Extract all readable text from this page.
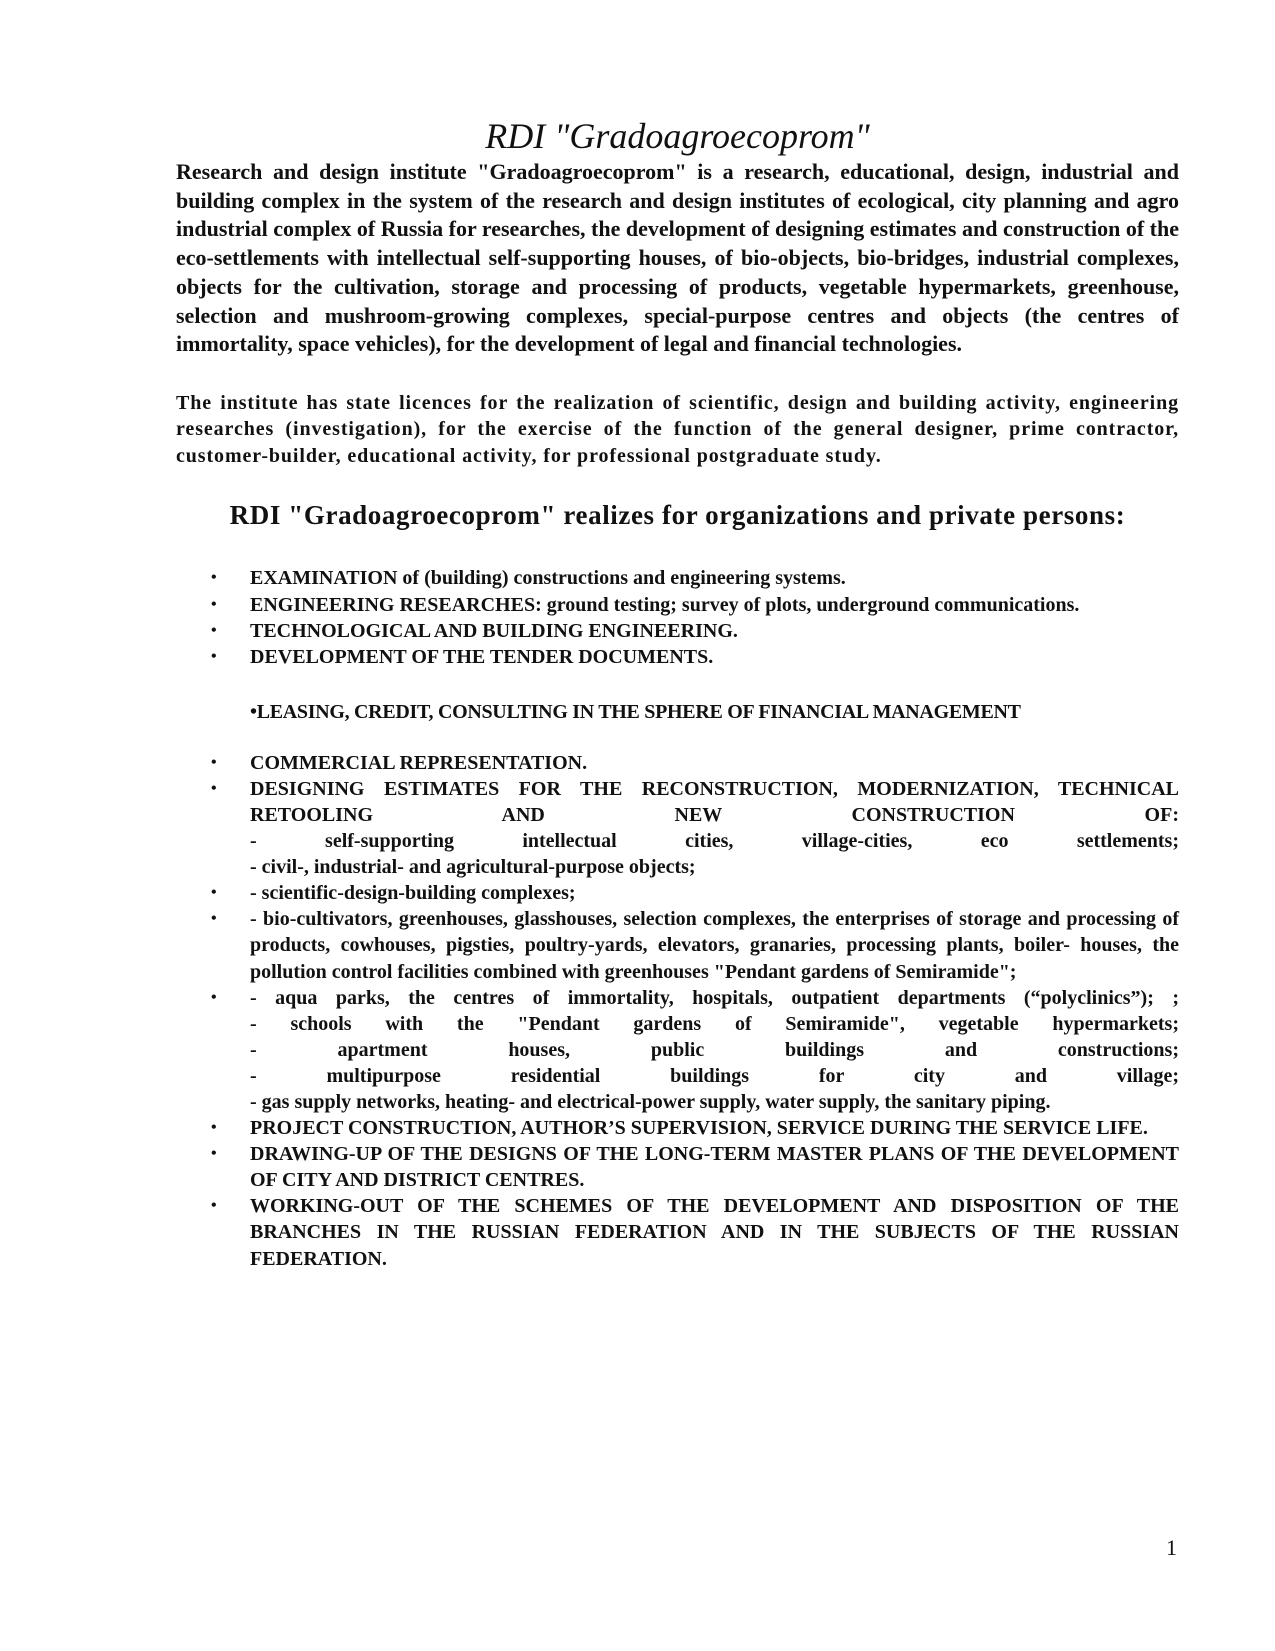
RDI "Gradoagroecoprom"

Research and design institute "Gradoagroecoprom" is a research, educational, design, industrial and building complex in the system of the research and design institutes of ecological, city planning and agro industrial complex of Russia for researches, the development of designing estimates and construction of the eco-settlements with intellectual self-supporting houses, of bio-objects, bio-bridges, industrial complexes, objects for the cultivation, storage and processing of products, vegetable hypermarkets, greenhouse, selection and mushroom-growing complexes, special-purpose centres and objects (the centres of immortality, space vehicles), for the development of legal and financial technologies.

The institute has state licences for the realization of scientific, design and building activity, engineering researches (investigation), for the exercise of the function of the general designer, prime contractor, customer-builder, educational activity, for professional postgraduate study.

RDI "Gradoagroecoprom" realizes for organizations and private persons:
• EXAMINATION of (building) constructions and engineering systems.
• ENGINEERING RESEARCHES: ground testing; survey of plots, underground communications.
• TECHNOLOGICAL AND BUILDING ENGINEERING.
• DEVELOPMENT OF THE TENDER DOCUMENTS.

•LEASING, CREDIT, CONSULTING IN THE SPHERE OF FINANCIAL MANAGEMENT

• COMMERCIAL REPRESENTATION.
• DESIGNING ESTIMATES FOR THE RECONSTRUCTION, MODERNIZATION, TECHNICAL RETOOLING AND NEW CONSTRUCTION OF:
- self-supporting intellectual cities, village-cities, eco settlements;
- civil-, industrial- and agricultural-purpose objects;
• - scientific-design-building complexes;
• - bio-cultivators, greenhouses, glasshouses, selection complexes, the enterprises of storage and processing of products, cowhouses, pigsties, poultry-yards, elevators, granaries, processing plants, boiler- houses, the pollution control facilities combined with greenhouses "Pendant gardens of Semiramide";
• - aqua parks, the centres of immortality, hospitals, outpatient departments (“polyclinics”); ;
- schools with the "Pendant gardens of Semiramide", vegetable hypermarkets;
- apartment houses, public buildings and constructions;
- multipurpose residential buildings for city and village;
- gas supply networks, heating- and electrical-power supply, water supply, the sanitary piping.
• PROJECT CONSTRUCTION, AUTHOR’S SUPERVISION, SERVICE DURING THE SERVICE LIFE.
• DRAWING-UP OF THE DESIGNS OF THE LONG-TERM MASTER PLANS OF THE DEVELOPMENT OF CITY AND DISTRICT CENTRES.
• WORKING-OUT OF THE SCHEMES OF THE DEVELOPMENT AND DISPOSITION OF THE BRANCHES IN THE RUSSIAN FEDERATION AND IN THE SUBJECTS OF THE RUSSIAN FEDERATION.
1
